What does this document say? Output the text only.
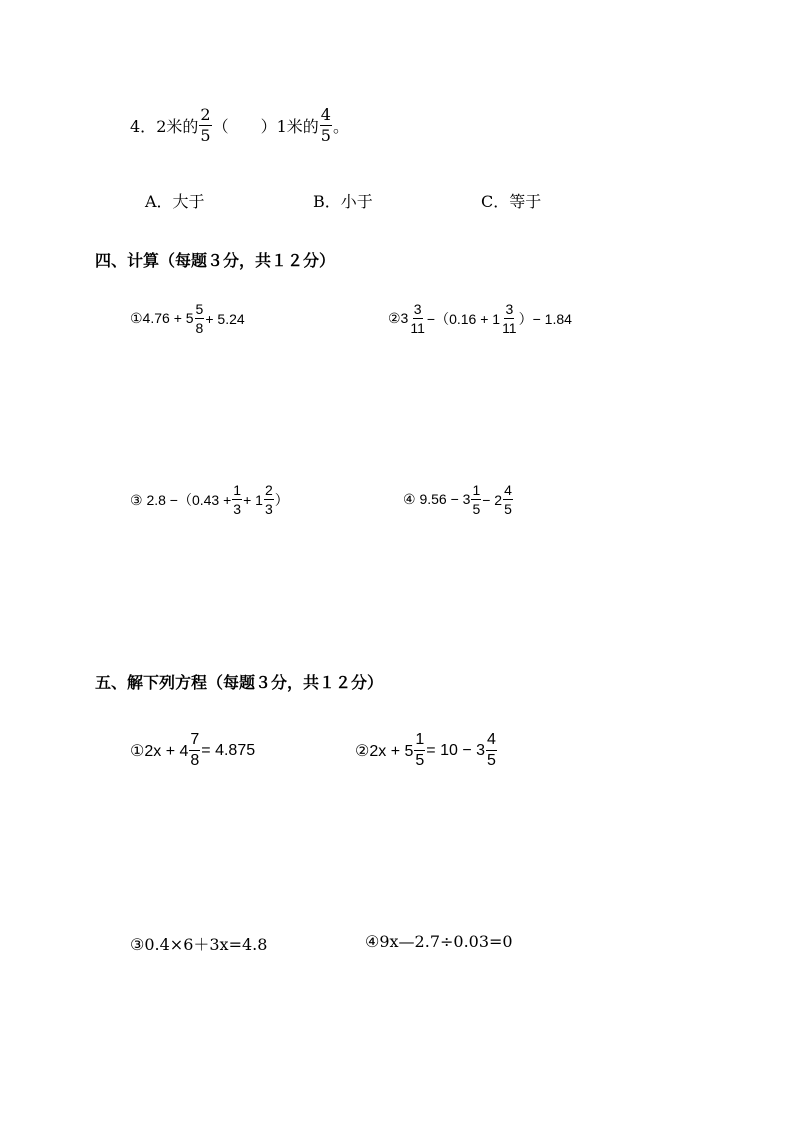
4． 2米的 $\frac{2}{5}$ （ ） 1米的 $\frac{4}{5}$ 。
A．大于	B．小于	C．等于
四、计算（每题３分，共１２分）
①4.76 + $5 \frac{5}{8} + 5.24$	②3 $\frac{3}{11} -(0.16 + 1 \frac{3}{11}$ ）− 1.84
③ $2.8 -(0.43 + \frac{1}{3} + 1 \frac{2}{3}$ ）	④ $9.56 - 3 \frac{1}{5} - 2 \frac{4}{5}$
五、解下列方程（每题３分，共１２分）
①2x + $4 \frac{7}{8} = 4.875$	②2x + $5 \frac{1}{5} = 10 - 3 \frac{4}{5}$
③0.4×6＋3x=4.8	④9x—2.7÷0.03=0
